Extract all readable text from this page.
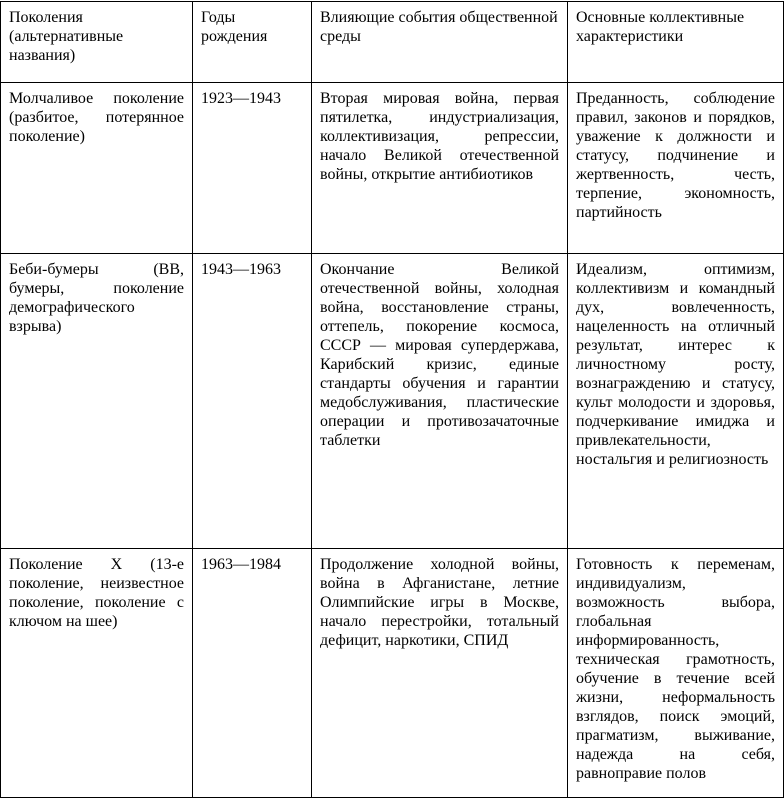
Поколения (альтернативные названия)	Годы рождения	Влияющие события общественной среды	Основные коллективные характеристики
Молчаливое поколение (разбитое, потерянное поколение)	1923—1943	Вторая мировая война, первая пятилетка, индустриализация, коллективизация, репрессии, начало Великой отечественной войны, открытие антибиотиков	Преданность, соблюдение правил, законов и порядков, уважение к должности и статусу, подчинение и жертвенность, честь, терпение, экономность, партийность
Беби-бумеры (BB, бумеры, поколение демографического взрыва)	1943—1963	Окончание Великой отечественной войны, холодная война, восстановление страны, оттепель, покорение космоса, СССР — мировая супердержава, Карибский кризис, единые стандарты обучения и гарантии медобслуживания, пластические операции и противозачаточные таблетки	Идеализм, оптимизм, коллективизм и командный дух, вовлеченность, нацеленность на отличный результат, интерес к личностному росту, вознаграждению и статусу, культ молодости и здоровья, подчеркивание имиджа и привлекательности, ностальгия и религиозность
Поколение X (13-е поколение, неизвестное поколение, поколение с ключом на шее)	1963—1984	Продолжение холодной войны, война в Афганистане, летние Олимпийские игры в Москве, начало перестройки, тотальный дефицит, наркотики, СПИД	Готовность к переменам, индивидуализм, возможность выбора, глобальная информированность, техническая грамотность, обучение в течение всей жизни, неформальность взглядов, поиск эмоций, прагматизм, выживание, надежда на себя, равноправие полов
